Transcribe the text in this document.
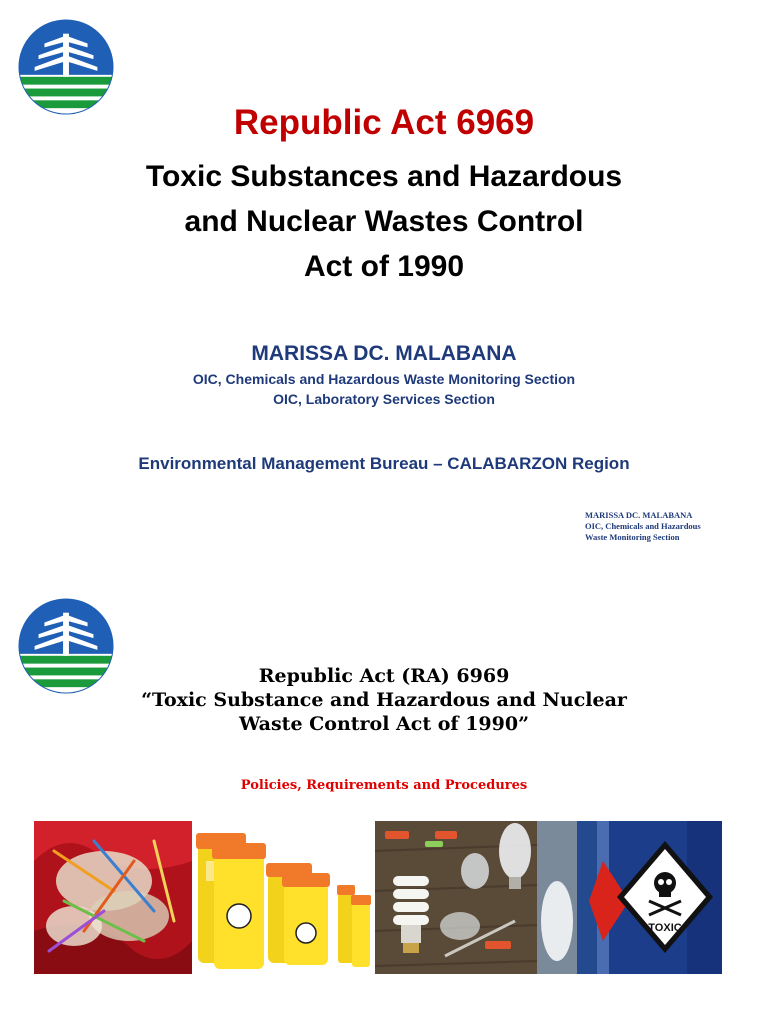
Republic Act 6969
Toxic Substances and Hazardous
and Nuclear Wastes Control
Act of 1990
MARISSA DC. MALABANA
OIC, Chemicals and Hazardous Waste Monitoring Section
OIC, Laboratory Services Section
Environmental Management Bureau – CALABARZON Region
MARISSA DC. MALABANA
OIC, Chemicals and Hazardous
Waste Monitoring Section
Republic Act (RA) 6969
“Toxic Substance and Hazardous and Nuclear
Waste Control Act of 1990”
Policies, Requirements and Procedures
TOXIC
